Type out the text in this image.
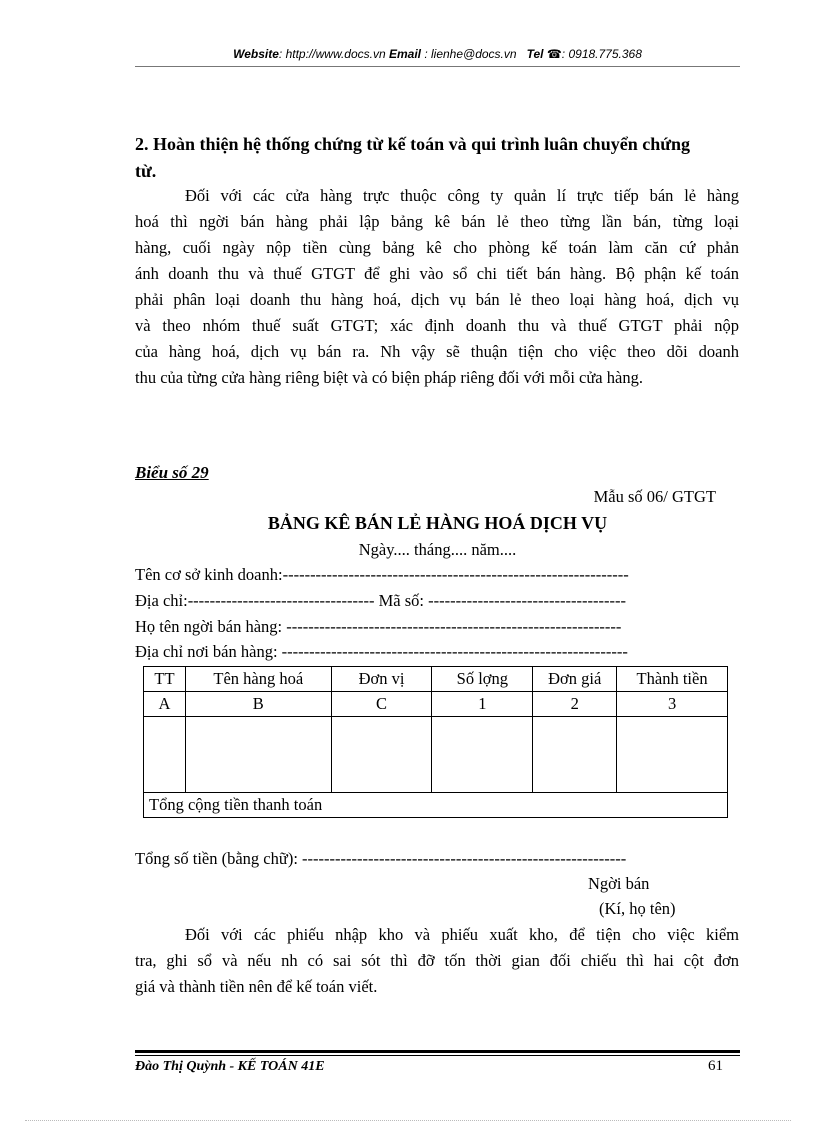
Website: http://www.docs.vn Email : lienhe@docs.vn Tel ☎: 0918.775.368
2. Hoàn thiện hệ thống chứng từ kế toán và qui trình luân chuyển chứng
từ.
Đối với các cửa hàng trực thuộc công ty quản lí trực tiếp bán lẻ hàng
hoá thì ngời bán hàng phải lập bảng kê bán lẻ theo từng lần bán, từng loại
hàng, cuối ngày nộp tiền cùng bảng kê cho phòng kế toán làm căn cứ phản
ánh doanh thu và thuế GTGT để ghi vào sổ chi tiết bán hàng. Bộ phận kế toán
phải phân loại doanh thu hàng hoá, dịch vụ bán lẻ theo loại hàng hoá, dịch vụ
và theo nhóm thuế suất GTGT; xác định doanh thu và thuế GTGT phải nộp
của hàng hoá, dịch vụ bán ra. Nh vậy sẽ thuận tiện cho việc theo dõi doanh
thu của từng cửa hàng riêng biệt và có biện pháp riêng đối với mỗi cửa hàng.
Biểu số 29
Mẫu số 06/ GTGT
BẢNG KÊ BÁN LẺ HÀNG HOÁ DỊCH VỤ
Ngày.... tháng.... năm....
Tên cơ sở kinh doanh:---------------------------------------------------------------
Địa chỉ:---------------------------------- Mã số: ------------------------------------
Họ tên ngời bán hàng: -------------------------------------------------------------
Địa chỉ nơi bán hàng: ---------------------------------------------------------------
TT	Tên hàng hoá	Đơn vị	Số lợng	Đơn giá	Thành tiền
A	B	C	1	2	3

Tổng cộng tiền thanh toán					
Tổng số tiền (bằng chữ): -----------------------------------------------------------
Ngời bán
(Kí, họ tên)
Đối với các phiếu nhập kho và phiếu xuất kho, để tiện cho việc kiểm
tra, ghi sổ và nếu nh có sai sót thì đỡ tốn thời gian đối chiếu thì hai cột đơn
giá và thành tiền nên để kế toán viết.
Đào Thị Quỳnh - KẾ TOÁN 41E	61
